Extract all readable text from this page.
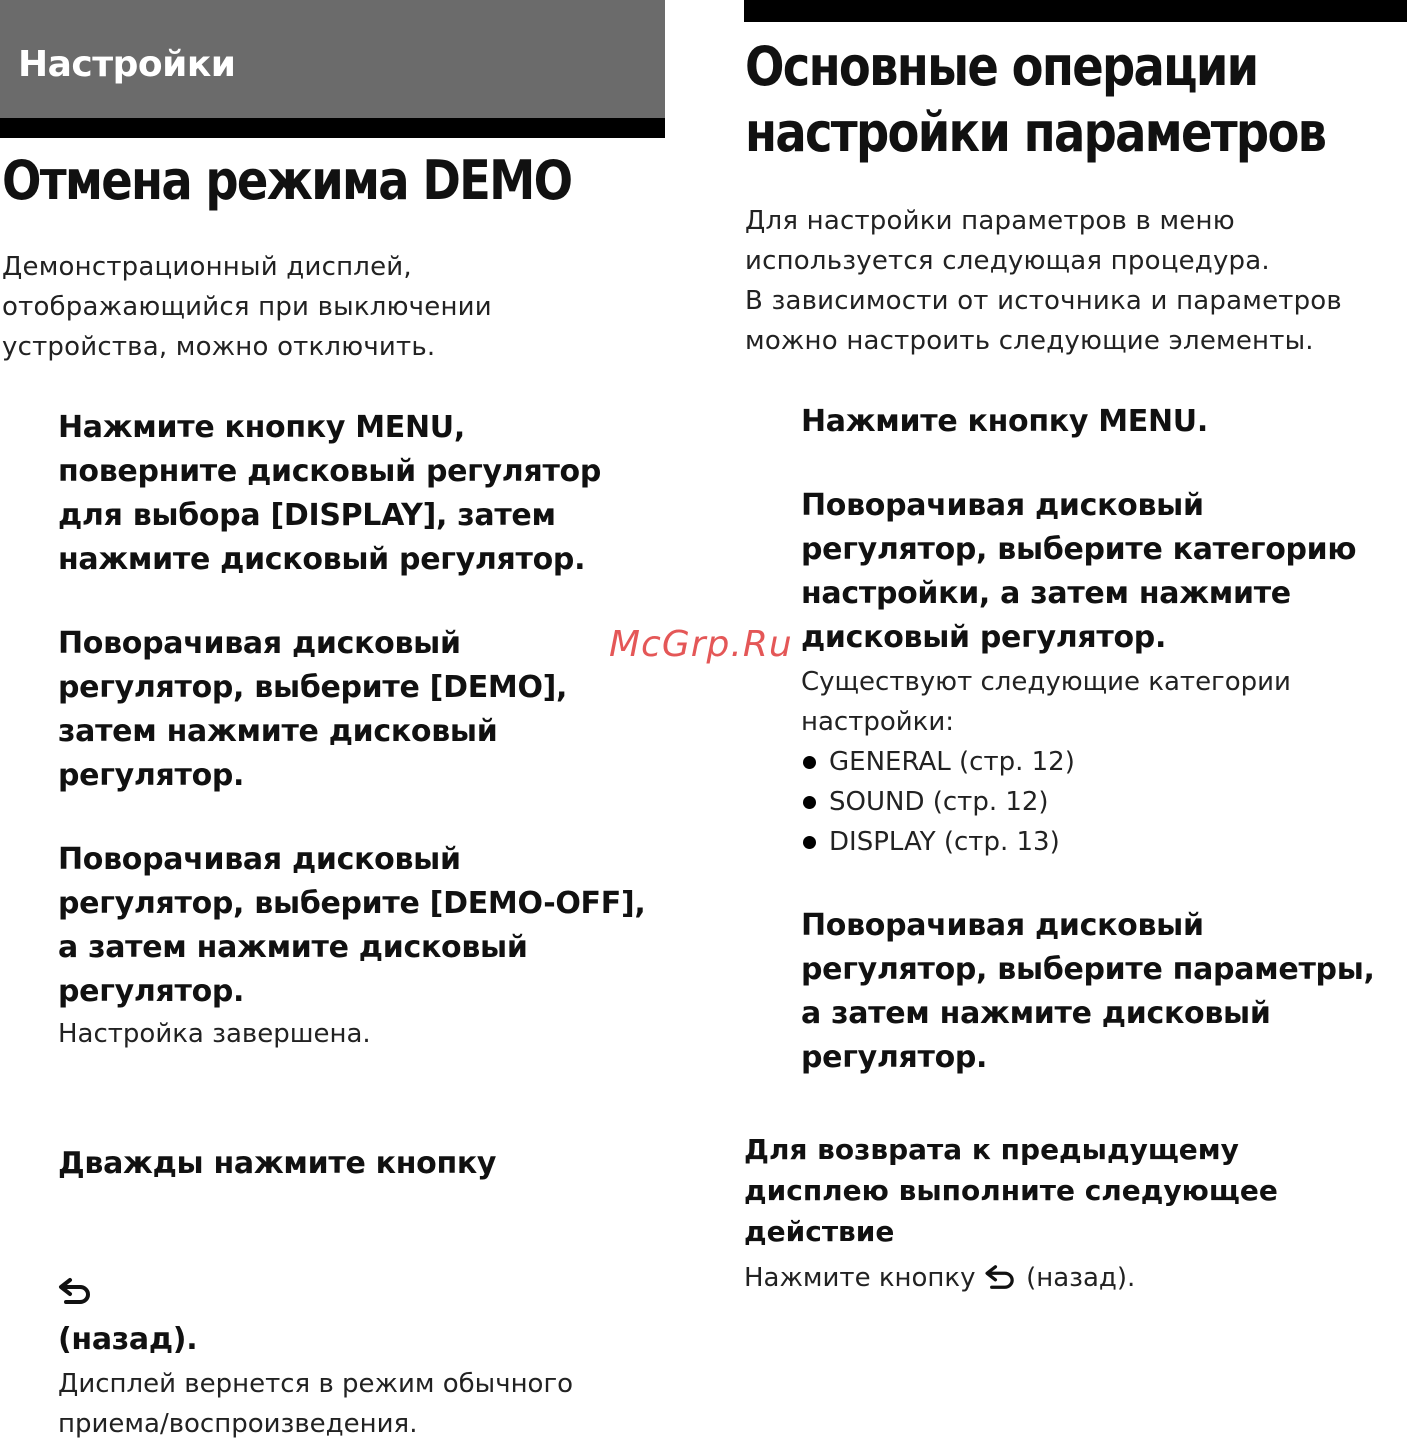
Настройки
Отмена режима DEMO

Демонстрационный дисплей,
отображающийся при выключении
устройства, можно отключить.

Нажмите кнопку MENU,
поверните дисковый регулятор
для выбора [DISPLAY], затем
нажмите дисковый регулятор.

Поворачивая дисковый
регулятор, выберите [DEMO],
затем нажмите дисковый
регулятор.

Поворачивая дисковый
регулятор, выберите [DEMO-OFF],
а затем нажмите дисковый
регулятор.

Настройка завершена.

Дважды нажмите кнопку

(назад).

Дисплей вернется в режим обычного
приема/воспроизведения.

Основные операции
настройки параметров

Для настройки параметров в меню
используется следующая процедура.
В зависимости от источника и параметров
можно настроить следующие элементы.

Нажмите кнопку MENU.

Поворачивая дисковый
регулятор, выберите категорию
настройки, а затем нажмите
дисковый регулятор.

Существуют следующие категории
настройки:

GENERAL (стр. 12)
SOUND (стр. 12)
DISPLAY (стр. 13)

Поворачивая дисковый
регулятор, выберите параметры,
а затем нажмите дисковый
регулятор.

Для возврата к предыдущему
дисплею выполните следующее
действие

Нажмите кнопку (назад).

McGrp.Ru
